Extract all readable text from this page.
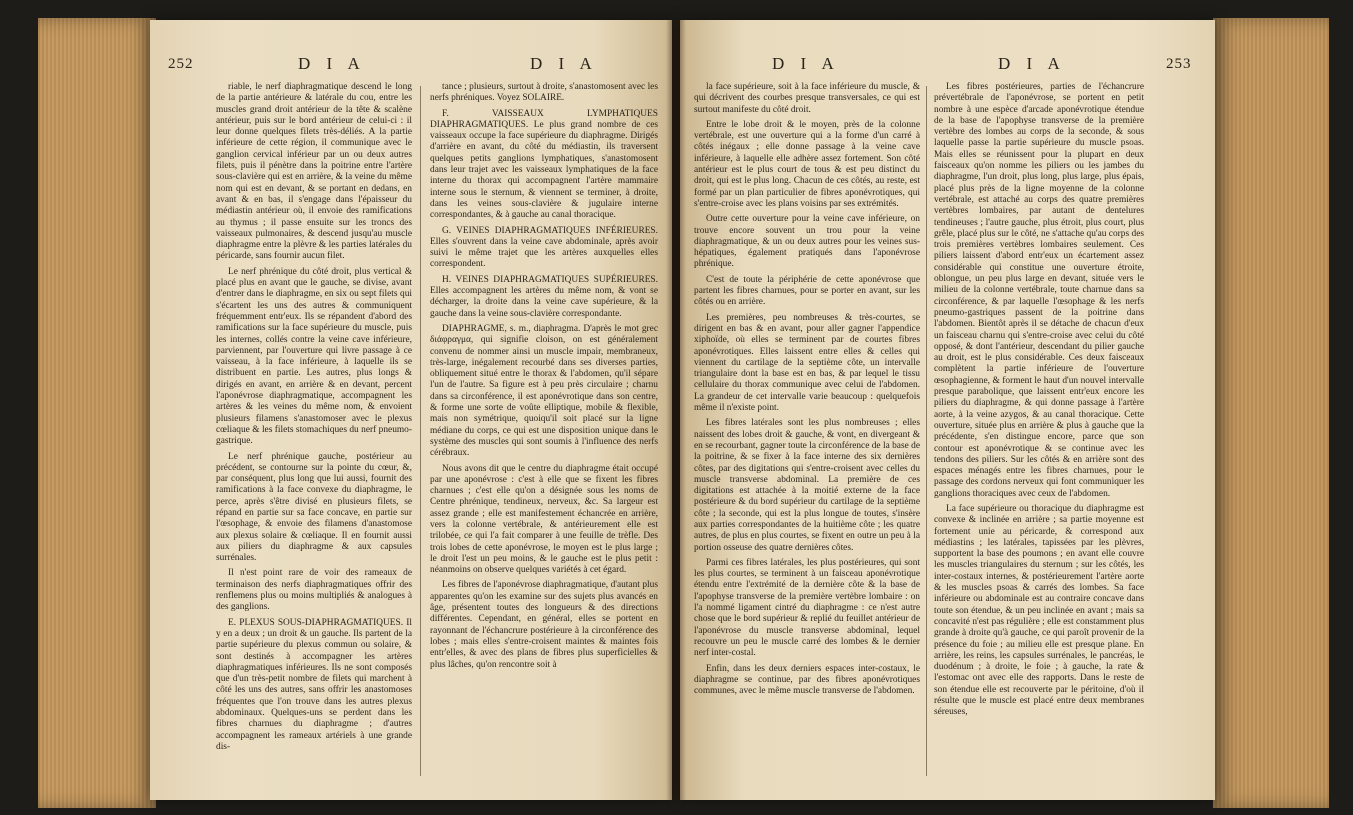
252	D I A	D I A

riable, le nerf diaphragmatique descend le long de la partie antérieure & latérale du cou, entre les muscles grand droit antérieur de la tête & scalène antérieur, puis sur le bord antérieur de celui-ci : il leur donne quelques filets très-déliés. A la partie inférieure de cette région, il communique avec le ganglion cervical inférieur par un ou deux autres filets, puis il pénètre dans la poitrine entre l'artère sous-clavière qui est en arrière, & la veine du même nom qui est en devant, & se portant en dedans, en avant & en bas, il s'engage dans l'épaisseur du médiastin antérieur où, il envoie des ramifications au thymus ; il passe ensuite sur les troncs des vaisseaux pulmonaires, & descend jusqu'au muscle diaphragme entre la plèvre & les parties latérales du péricarde, sans fournir aucun filet.

Le nerf phrénique du côté droit, plus vertical & placé plus en avant que le gauche, se divise, avant d'entrer dans le diaphragme, en six ou sept filets qui s'écartent les uns des autres & communiquent fréquemment entr'eux. Ils se répandent d'abord des ramifications sur la face supérieure du muscle, puis les internes, collés contre la veine cave inférieure, parviennent, par l'ouverture qui livre passage à ce vaisseau, à la face inférieure, à laquelle ils se distribuent en partie. Les autres, plus longs & dirigés en avant, en arrière & en devant, percent l'aponévrose diaphragmatique, accompagnent les artères & les veines du même nom, & envoient plusieurs filamens s'anastomoser avec le plexus cœliaque & les filets stomachiques du nerf pneumo-gastrique.

Le nerf phrénique gauche, postérieur au précédent, se contourne sur la pointe du cœur, &, par conséquent, plus long que lui aussi, fournit des ramifications à la face convexe du diaphragme, le perce, après s'être divisé en plusieurs filets, se répand en partie sur sa face concave, en partie sur l'œsophage, & envoie des filamens d'anastomose aux plexus solaire & cœliaque. Il en fournit aussi aux piliers du diaphragme & aux capsules surrénales.

Il n'est point rare de voir des rameaux de terminaison des nerfs diaphragmatiques offrir des renflemens plus ou moins multipliés & analogues à des ganglions.

E. PLEXUS SOUS-DIAPHRAGMATIQUES. Il y en a deux ; un droit & un gauche. Ils partent de la partie supérieure du plexus commun ou solaire, & sont destinés à accompagner les artères diaphragmatiques inférieures. Ils ne sont composés que d'un très-petit nombre de filets qui marchent à côté les uns des autres, sans offrir les anastomoses fréquentes que l'on trouve dans les autres plexus abdominaux. Quelques-uns se perdent dans les fibres charnues du diaphragme ; d'autres accompagnent les rameaux artériels à une grande dis-

tance ; plusieurs, surtout à droite, s'anastomosent avec les nerfs phréniques. Voyez SOLAIRE.

F. VAISSEAUX LYMPHATIQUES DIAPHRAGMATIQUES. Le plus grand nombre de ces vaisseaux occupe la face supérieure du diaphragme. Dirigés d'arrière en avant, du côté du médiastin, ils traversent quelques petits ganglions lymphatiques, s'anastomosent dans leur trajet avec les vaisseaux lymphatiques de la face interne du thorax qui accompagnent l'artère mammaire interne sous le sternum, & viennent se terminer, à droite, dans les veines sous-clavière & jugulaire interne correspondantes, & à gauche au canal thoracique.

G. VEINES DIAPHRAGMATIQUES INFÉRIEURES. Elles s'ouvrent dans la veine cave abdominale, après avoir suivi le même trajet que les artères auxquelles elles correspondent.

H. VEINES DIAPHRAGMATIQUES SUPÉRIEURES. Elles accompagnent les artères du même nom, & vont se décharger, la droite dans la veine cave supérieure, & la gauche dans la veine sous-clavière correspondante.

DIAPHRAGME, s. m., diaphragma. D'après le mot grec διάφραγμα, qui signifie cloison, on est généralement convenu de nommer ainsi un muscle impair, membraneux, très-large, inégalement recourbé dans ses diverses parties, obliquement situé entre le thorax & l'abdomen, qu'il sépare l'un de l'autre. Sa figure est à peu près circulaire ; charnu dans sa circonférence, il est aponévrotique dans son centre, & forme une sorte de voûte elliptique, mobile & flexible, mais non symétrique, quoiqu'il soit placé sur la ligne médiane du corps, ce qui est une disposition unique dans le système des muscles qui sont soumis à l'influence des nerfs cérébraux.

Nous avons dit que le centre du diaphragme était occupé par une aponévrose : c'est à elle que se fixent les fibres charnues ; c'est elle qu'on a désignée sous les noms de Centre phrénique, tendineux, nerveux, &c. Sa largeur est assez grande ; elle est manifestement échancrée en arrière, vers la colonne vertébrale, & antérieurement elle est trilobée, ce qui l'a fait comparer à une feuille de trèfle. Des trois lobes de cette aponévrose, le moyen est le plus large ; le droit l'est un peu moins, & le gauche est le plus petit : néanmoins on observe quelques variétés à cet égard.

Les fibres de l'aponévrose diaphragmatique, d'autant plus apparentes qu'on les examine sur des sujets plus avancés en âge, présentent toutes des longueurs & des directions différentes. Cependant, en général, elles se portent en rayonnant de l'échancrure postérieure à la circonférence des lobes ; mais elles s'entre-croisent maintes & maintes fois entr'elles, & avec des plans de fibres plus superficielles & plus lâches, qu'on rencontre soit à

D I A	D I A	253

la face supérieure, soit à la face inférieure du muscle, & qui décrivent des courbes presque transversales, ce qui est surtout manifeste du côté droit.

Entre le lobe droit & le moyen, près de la colonne vertébrale, est une ouverture qui a la forme d'un carré à côtés inégaux ; elle donne passage à la veine cave inférieure, à laquelle elle adhère assez fortement. Son côté antérieur est le plus court de tous & est peu distinct du droit, qui est le plus long. Chacun de ces côtés, au reste, est formé par un plan particulier de fibres aponévrotiques, qui s'entre-croise avec les plans voisins par ses extrémités.

Outre cette ouverture pour la veine cave inférieure, on trouve encore souvent un trou pour la veine diaphragmatique, & un ou deux autres pour les veines sus-hépatiques, également pratiqués dans l'aponévrose phrénique.

C'est de toute la périphérie de cette aponévrose que partent les fibres charnues, pour se porter en avant, sur les côtés ou en arrière.

Les premières, peu nombreuses & très-courtes, se dirigent en bas & en avant, pour aller gagner l'appendice xiphoïde, où elles se terminent par de courtes fibres aponévrotiques. Elles laissent entre elles & celles qui viennent du cartilage de la septième côte, un intervalle triangulaire dont la base est en bas, & par lequel le tissu cellulaire du thorax communique avec celui de l'abdomen. La grandeur de cet intervalle varie beaucoup : quelquefois même il n'existe point.

Les fibres latérales sont les plus nombreuses ; elles naissent des lobes droit & gauche, & vont, en divergeant & en se recourbant, gagner toute la circonférence de la base de la poitrine, & se fixer à la face interne des six dernières côtes, par des digitations qui s'entre-croisent avec celles du muscle transverse abdominal. La première de ces digitations est attachée à la moitié externe de la face postérieure & du bord supérieur du cartilage de la septième côte ; la seconde, qui est la plus longue de toutes, s'insère aux parties correspondantes de la huitième côte ; les quatre autres, de plus en plus courtes, se fixent en outre un peu à la portion osseuse des quatre dernières côtes.

Parmi ces fibres latérales, les plus postérieures, qui sont les plus courtes, se terminent à un faisceau aponévrotique étendu entre l'extrémité de la dernière côte & la base de l'apophyse transverse de la première vertèbre lombaire : on l'a nommé ligament cintré du diaphragme : ce n'est autre chose que le bord supérieur & replié du feuillet antérieur de l'aponévrose du muscle transverse abdominal, lequel recouvre un peu le muscle carré des lombes & le dernier nerf inter-costal.

Enfin, dans les deux derniers espaces inter-costaux, le diaphragme se continue, par des fibres aponévrotiques communes, avec le même muscle transverse de l'abdomen.

Les fibres postérieures, parties de l'échancrure prévertébrale de l'aponévrose, se portent en petit nombre à une espèce d'arcade aponévrotique étendue de la base de l'apophyse transverse de la première vertèbre des lombes au corps de la seconde, & sous laquelle passe la partie supérieure du muscle psoas. Mais elles se réunissent pour la plupart en deux faisceaux qu'on nomme les piliers ou les jambes du diaphragme, l'un droit, plus long, plus large, plus épais, placé plus près de la ligne moyenne de la colonne vertébrale, est attaché au corps des quatre premières vertèbres lombaires, par autant de dentelures tendineuses ; l'autre gauche, plus étroit, plus court, plus grêle, placé plus sur le côté, ne s'attache qu'au corps des trois premières vertèbres lombaires seulement. Ces piliers laissent d'abord entr'eux un écartement assez considérable qui constitue une ouverture étroite, oblongue, un peu plus large en devant, située vers le milieu de la colonne vertébrale, toute charnue dans sa circonférence, & par laquelle l'œsophage & les nerfs pneumo-gastriques passent de la poitrine dans l'abdomen. Bientôt après il se détache de chacun d'eux un faisceau charnu qui s'entre-croise avec celui du côté opposé, & dont l'antérieur, descendant du pilier gauche au droit, est le plus considérable. Ces deux faisceaux complètent la partie inférieure de l'ouverture œsophagienne, & forment le haut d'un nouvel intervalle presque parabolique, que laissent entr'eux encore les piliers du diaphragme, & qui donne passage à l'artère aorte, à la veine azygos, & au canal thoracique. Cette ouverture, située plus en arrière & plus à gauche que la précédente, s'en distingue encore, parce que son contour est aponévrotique & se continue avec les tendons des piliers. Sur les côtés & en arrière sont des espaces ménagés entre les fibres charnues, pour le passage des cordons nerveux qui font communiquer les ganglions thoraciques avec ceux de l'abdomen.

La face supérieure ou thoracique du diaphragme est convexe & inclinée en arrière ; sa partie moyenne est fortement unie au péricarde, & correspond aux médiastins ; les latérales, tapissées par les plèvres, supportent la base des poumons ; en avant elle couvre les muscles triangulaires du sternum ; sur les côtés, les inter-costaux internes, & postérieurement l'artère aorte & les muscles psoas & carrés des lombes. Sa face inférieure ou abdominale est au contraire concave dans toute son étendue, & un peu inclinée en avant ; mais sa concavité n'est pas régulière ; elle est constamment plus grande à droite qu'à gauche, ce qui paroît provenir de la présence du foie ; au milieu elle est presque plane. En arrière, les reins, les capsules surrénales, le pancréas, le duodénum ; à droite, le foie ; à gauche, la rate & l'estomac ont avec elle des rapports. Dans le reste de son étendue elle est recouverte par le péritoine, d'où il résulte que le muscle est placé entre deux membranes séreuses,
